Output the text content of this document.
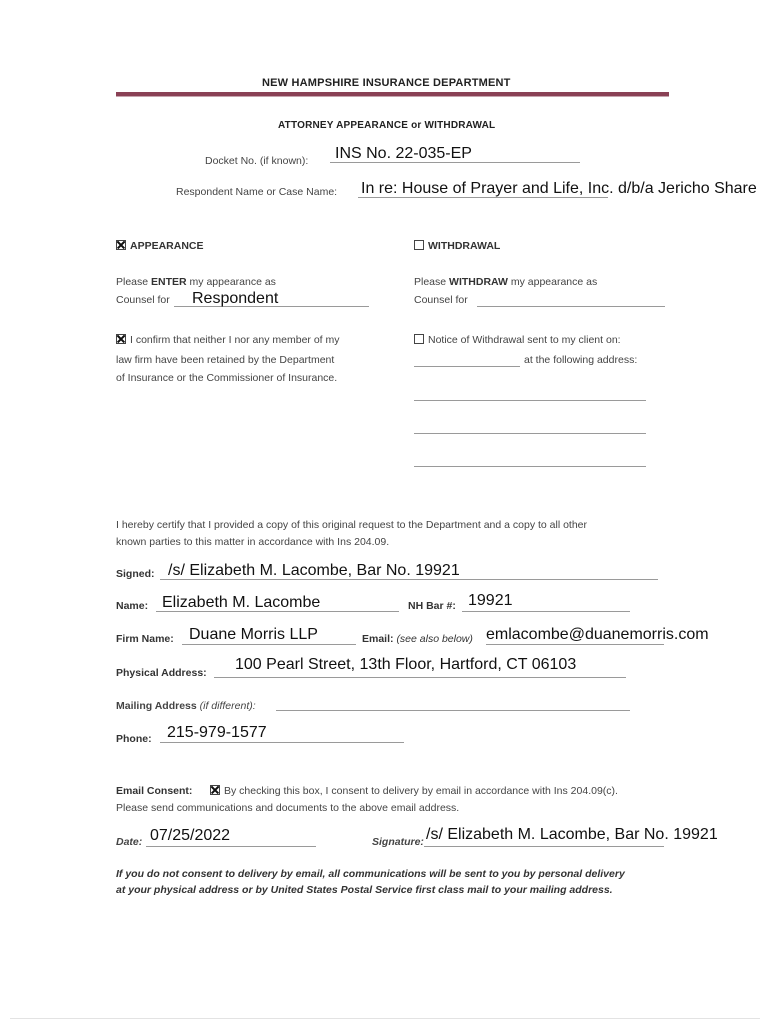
NEW HAMPSHIRE INSURANCE DEPARTMENT
ATTORNEY APPEARANCE or WITHDRAWAL
Docket No. (if known): INS No. 22-035-EP
Respondent Name or Case Name: In re: House of Prayer and Life, Inc. d/b/a Jericho Share
APPEARANCE
Please ENTER my appearance as
Counsel for Respondent
I confirm that neither I nor any member of my
law firm have been retained by the Department
of Insurance or the Commissioner of Insurance.
WITHDRAWAL
Please WITHDRAW my appearance as
Counsel for
Notice of Withdrawal sent to my client on:
at the following address:
I hereby certify that I provided a copy of this original request to the Department and a copy to all other
known parties to this matter in accordance with Ins 204.09.
Signed: /s/ Elizabeth M. Lacombe, Bar No. 19921
Name: Elizabeth M. Lacombe	NH Bar #: 19921
Firm Name: Duane Morris LLP	Email: (see also below) emlacombe@duanemorris.com
Physical Address: 100 Pearl Street, 13th Floor, Hartford, CT 06103
Mailing Address (if different):
Phone: 215-979-1577
Email Consent:	By checking this box, I consent to delivery by email in accordance with Ins 204.09(c).
Please send communications and documents to the above email address.
Date: 07/25/2022	Signature: /s/ Elizabeth M. Lacombe, Bar No. 19921
If you do not consent to delivery by email, all communications will be sent to you by personal delivery
at your physical address or by United States Postal Service first class mail to your mailing address.
